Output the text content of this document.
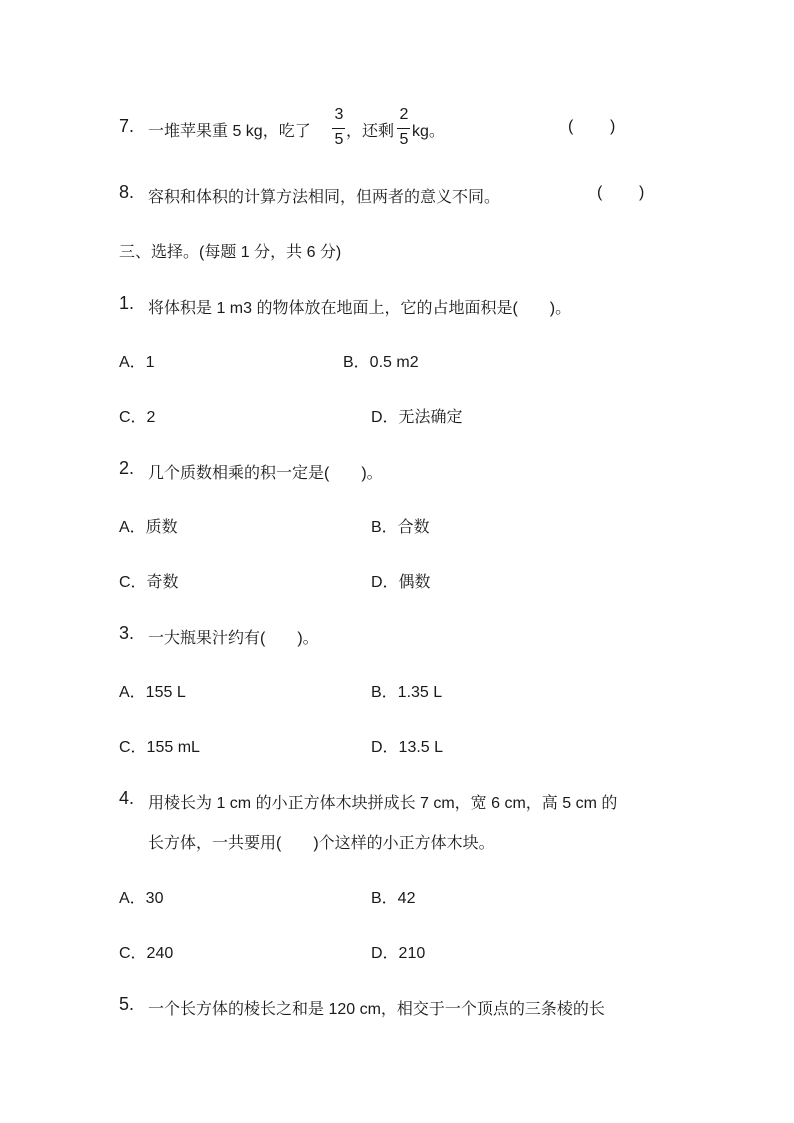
7. 一堆苹果重 5 kg，吃了
3
5 ，还剩
2
5 kg。	( )
8. 容积和体积的计算方法相同，但两者的意义不同。	( )
三、选择。(每题 1 分，共 6 分)
1. 将体积是 1 m3 的物体放在地面上，它的占地面积是(　　)。
A．1	B．0.5 m2
C．2	D．无法确定
2. 几个质数相乘的积一定是(　　)。
A．质数	B．合数
C．奇数	D．偶数
3. 一大瓶果汁约有(　　)。
A．155 L	B．1.35 L
C．155 mL	D．13.5 L
4. 用棱长为 1 cm 的小正方体木块拼成长 7 cm，宽 6 cm，高 5 cm 的
长方体，一共要用(　　)个这样的小正方体木块。
A．30	B．42
C．240	D．210
5. 一个长方体的棱长之和是 120 cm，相交于一个顶点的三条棱的长
